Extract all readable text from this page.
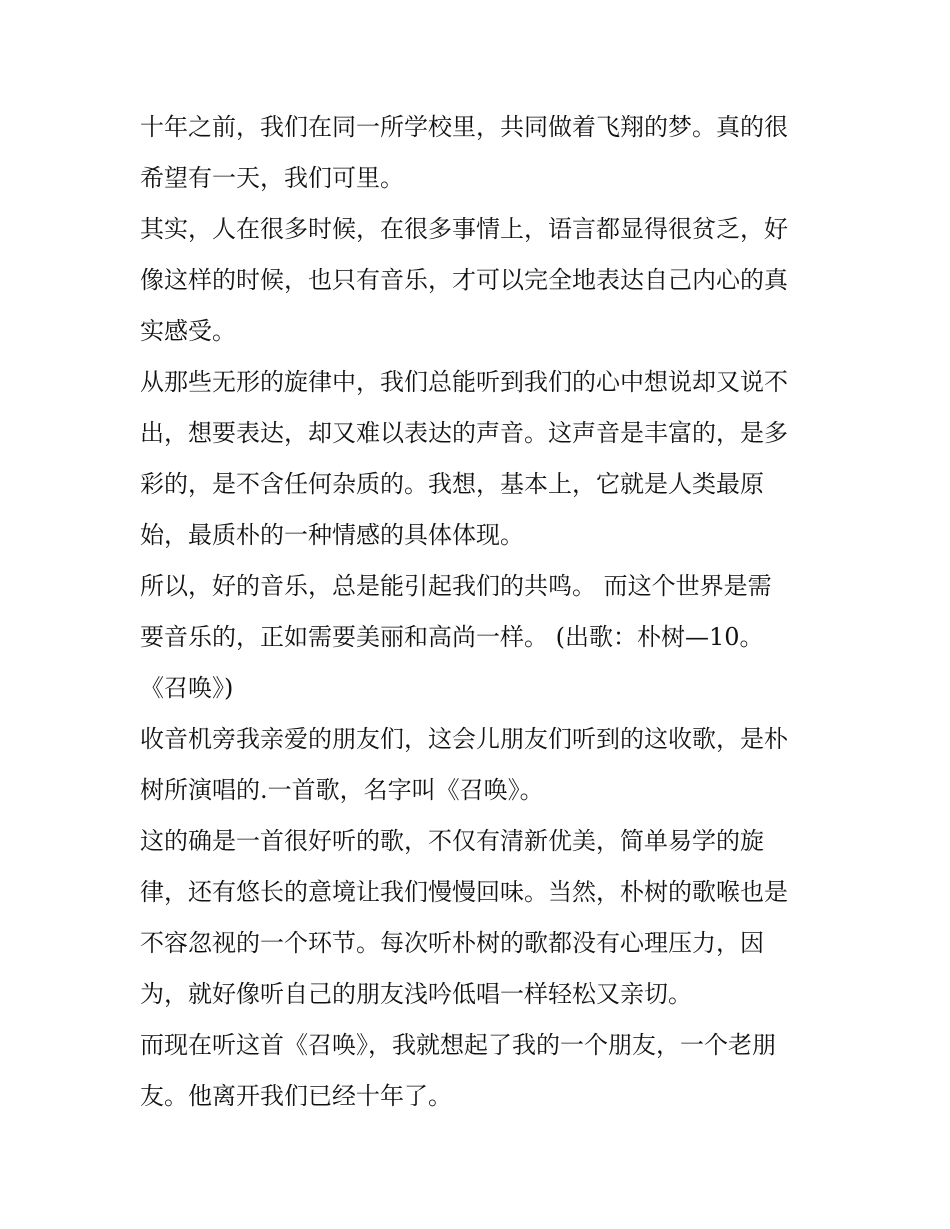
十年之前，我们在同一所学校里，共同做着飞翔的梦。真的很
希望有一天，我们可里。
其实，人在很多时候，在很多事情上，语言都显得很贫乏，好
像这样的时候，也只有音乐，才可以完全地表达自己内心的真
实感受。
从那些无形的旋律中，我们总能听到我们的心中想说却又说不
出，想要表达，却又难以表达的声音。这声音是丰富的，是多
彩的，是不含任何杂质的。我想，基本上，它就是人类最原
始，最质朴的一种情感的具体体现。
所以，好的音乐，总是能引起我们的共鸣。 而这个世界是需
要音乐的，正如需要美丽和高尚一样。 (出歌：朴树—10。
《召唤》)
收音机旁我亲爱的朋友们，这会儿朋友们听到的这收歌，是朴
树所演唱的.一首歌，名字叫《召唤》。
这的确是一首很好听的歌，不仅有清新优美，简单易学的旋
律，还有悠长的意境让我们慢慢回味。当然，朴树的歌喉也是
不容忽视的一个环节。每次听朴树的歌都没有心理压力，因
为，就好像听自己的朋友浅吟低唱一样轻松又亲切。
而现在听这首《召唤》，我就想起了我的一个朋友，一个老朋
友。他离开我们已经十年了。
